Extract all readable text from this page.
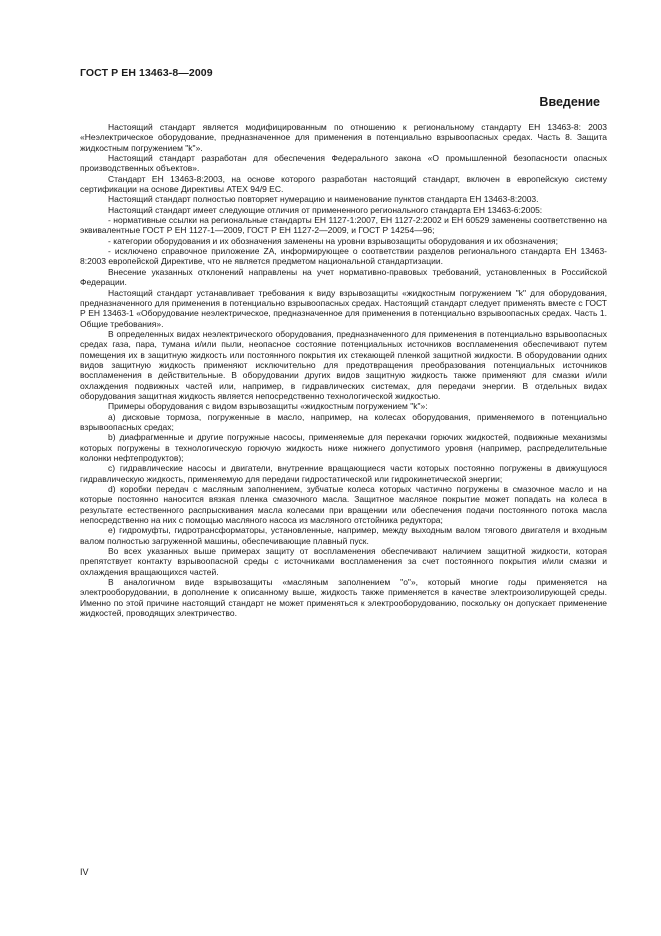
ГОСТ Р ЕН 13463-8—2009
Введение

Настоящий стандарт является модифицированным по отношению к региональному стандарту ЕН 13463-8: 2003 «Неэлектрическое оборудование, предназначенное для применения в потенциально взрывоопасных средах. Часть 8. Защита жидкостным погружением "k"».

Настоящий стандарт разработан для обеспечения Федерального закона «О промышленной безопасности опасных производственных объектов».

Стандарт ЕН 13463-8:2003, на основе которого разработан настоящий стандарт, включен в европейскую систему сертификации на основе Директивы АТЕХ 94/9 ЕС.

Настоящий стандарт полностью повторяет нумерацию и наименование пунктов стандарта ЕН 13463-8:2003.

Настоящий стандарт имеет следующие отличия от примененного регионального стандарта ЕН 13463-6:2005:

- нормативные ссылки на региональные стандарты ЕН 1127-1:2007, ЕН 1127-2:2002 и ЕН 60529 заменены соответственно на эквивалентные ГОСТ Р ЕН 1127-1—2009, ГОСТ Р ЕН 1127-2—2009, и ГОСТ Р 14254—96;

- категории оборудования и их обозначения заменены на уровни взрывозащиты оборудования и их обозначения;

- исключено справочное приложение ZA, информирующее о соответствии разделов регионального стандарта ЕН 13463-8:2003 европейской Директиве, что не является предметом национальной стандартизации.

Внесение указанных отклонений направлены на учет нормативно-правовых требований, установленных в Российской Федерации.

Настоящий стандарт устанавливает требования к виду взрывозащиты «жидкостным погружением "k" для оборудования, предназначенного для применения в потенциально взрывоопасных средах. Настоящий стандарт следует применять вместе с ГОСТ Р ЕН 13463-1 «Оборудование неэлектрическое, предназначенное для применения в потенциально взрывоопасных средах. Часть 1. Общие требования».

В определенных видах неэлектрического оборудования, предназначенного для применения в потенциально взрывоопасных средах газа, пара, тумана и/или пыли, неопасное состояние потенциальных источников воспламенения обеспечивают путем помещения их в защитную жидкость или постоянного покрытия их стекающей пленкой защитной жидкости. В оборудовании одних видов защитную жидкость применяют исключительно для предотвращения преобразования потенциальных источников воспламенения в действительные. В оборудовании других видов защитную жидкость также применяют для смазки и/или охлаждения подвижных частей или, например, в гидравлических системах, для передачи энергии. В отдельных видах оборудования защитная жидкость является непосредственно технологической жидкостью.

Примеры оборудования с видом взрывозащиты «жидкостным погружением "k"»:

а) дисковые тормоза, погруженные в масло, например, на колесах оборудования, применяемого в потенциально взрывоопасных средах;

b) диафрагменные и другие погружные насосы, применяемые для перекачки горючих жидкостей, подвижные механизмы которых погружены в технологическую горючую жидкость ниже нижнего допустимого уровня (например, распределительные колонки нефтепродуктов);

с) гидравлические насосы и двигатели, внутренние вращающиеся части которых постоянно погружены в движущуюся гидравлическую жидкость, применяемую для передачи гидростатической или гидрокинетической энергии;

d) коробки передач с масляным заполнением, зубчатые колеса которых частично погружены в смазочное масло и на которые постоянно наносится вязкая пленка смазочного масла. Защитное масляное покрытие может попадать на колеса в результате естественного распрыскивания масла колесами при вращении или обеспечения подачи постоянного потока масла непосредственно на них с помощью масляного насоса из масляного отстойника редуктора;

е) гидромуфты, гидротрансформаторы, установленные, например, между выходным валом тягового двигателя и входным валом полностью загруженной машины, обеспечивающие плавный пуск.

Во всех указанных выше примерах защиту от воспламенения обеспечивают наличием защитной жидкости, которая препятствует контакту взрывоопасной среды с источниками воспламенения за счет постоянного покрытия и/или смазки и охлаждения вращающихся частей.

В аналогичном виде взрывозащиты «масляным заполнением "о"», который многие годы применяется на электрооборудовании, в дополнение к описанному выше, жидкость также применяется в качестве электроизолирующей среды. Именно по этой причине настоящий стандарт не может применяться к электрооборудованию, поскольку он допускает применение жидкостей, проводящих электричество.

IV
